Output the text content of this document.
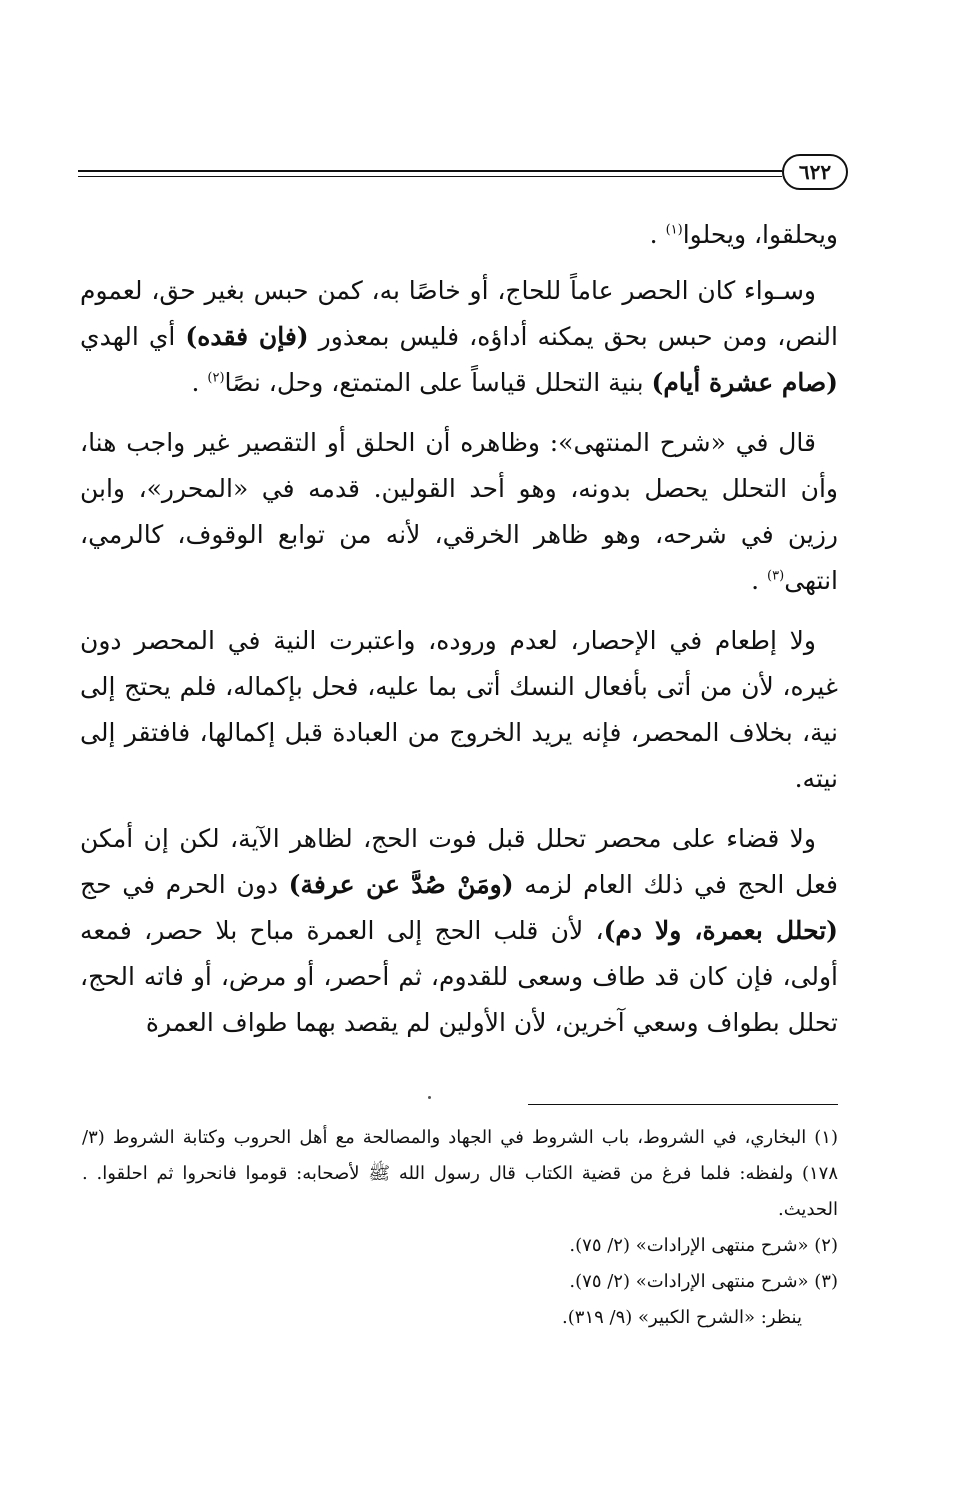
٦٢٢

ويحلقوا، ويحلوا$^{(١)}$ .

وسـواء كان الحصر عاماً للحاج، أو خاصًا به، كمن حبس بغير حق، لعموم النص، ومن حبس بحق يمكنه أداؤه، فليس بمعذور (فإن فقده) أي الهدي (صام عشرة أيام) بنية التحلل قياساً على المتمتع، وحل، نصًا$^{(٢)}$ .

قال في «شرح المنتهى»: وظاهره أن الحلق أو التقصير غير واجب هنا، وأن التحلل يحصل بدونه، وهو أحد القولين. قدمه في «المحرر»، وابن رزين في شرحه، وهو ظاهر الخرقي، لأنه من توابع الوقوف، كالرمي، انتهى$^{(٣)}$ .

ولا إطعام في الإحصار، لعدم وروده، واعتبرت النية في المحصر دون غيره، لأن من أتى بأفعال النسك أتى بما عليه، فحل بإكماله، فلم يحتج إلى نية، بخلاف المحصر، فإنه يريد الخروج من العبادة قبل إكمالها، فافتقر إلى نيته.

ولا قضاء على محصر تحلل قبل فوت الحج، لظاهر الآية، لكن إن أمكن فعل الحج في ذلك العام لزمه (ومَنْ صُدَّ عن عرفة) دون الحرم في حج (تحلل بعمرة، ولا دم)، لأن قلب الحج إلى العمرة مباح بلا حصر، فمعه أولى، فإن كان قد طاف وسعى للقدوم، ثم أحصر، أو مرض، أو فاته الحج، تحلل بطواف وسعي آخرين، لأن الأولين لم يقصد بهما طواف العمرة

(١) البخاري، في الشروط، باب الشروط في الجهاد والمصالحة مع أهل الحروب وكتابة الشروط (٣/ ١٧٨) ولفظه: فلما فرغ من قضية الكتاب قال رسول الله ﷺ لأصحابه: قوموا فانحروا ثم احلقوا. . الحديث.

(٢) «شرح منتهى الإرادات» (٢/ ٧٥).

(٣) «شرح منتهى الإرادات» (٢/ ٧٥).

ينظر: «الشرح الكبير» (٩/ ٣١٩).
